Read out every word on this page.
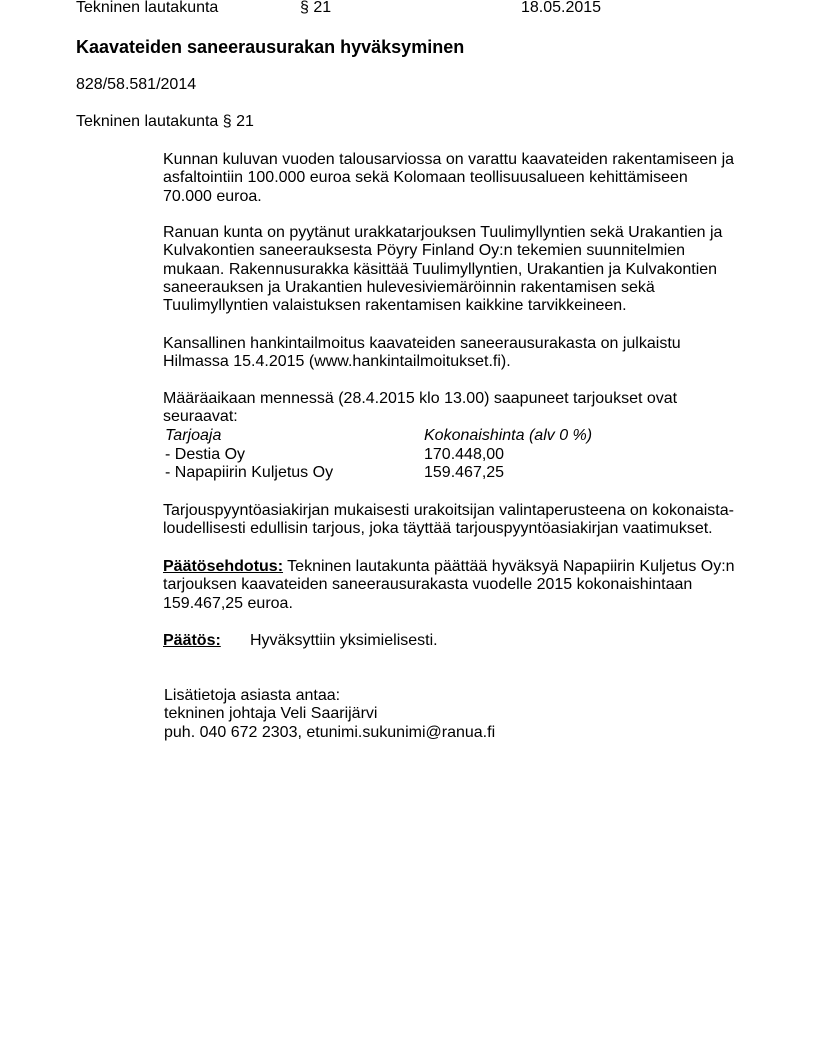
Tekninen lautakunta	§ 21	18.05.2015
Kaavateiden saneerausurakan hyväksyminen
828/58.581/2014
Tekninen lautakunta § 21
Kunnan kuluvan vuoden talousarviossa on varattu kaavateiden rakentamiseen ja
asfaltointiin 100.000 euroa sekä Kolomaan teollisuusalueen kehittämiseen
70.000 euroa.
Ranuan kunta on pyytänut urakkatarjouksen Tuulimyllyntien sekä Urakantien ja
Kulvakontien saneerauksesta Pöyry Finland Oy:n tekemien suunnitelmien
mukaan. Rakennusurakka käsittää Tuulimyllyntien, Urakantien ja Kulvakontien
saneerauksen ja Urakantien hulevesiviemäröinnin rakentamisen sekä
Tuulimyllyntien valaistuksen rakentamisen kaikkine tarvikkeineen.
Kansallinen hankintailmoitus kaavateiden saneerausurakasta on julkaistu
Hilmassa 15.4.2015 (www.hankintailmoitukset.fi).
Määräaikaan mennessä (28.4.2015 klo 13.00) saapuneet tarjoukset ovat
seuraavat:
Tarjoaja	Kokonaishinta (alv 0 %)
- Destia Oy	170.448,00
- Napapiirin Kuljetus Oy	159.467,25
Tarjouspyyntöasiakirjan mukaisesti urakoitsijan valintaperusteena on kokonaista-
loudellisesti edullisin tarjous, joka täyttää tarjouspyyntöasiakirjan vaatimukset.
Päätösehdotus: Tekninen lautakunta päättää hyväksyä Napapiirin Kuljetus Oy:n
tarjouksen kaavateiden saneerausurakasta vuodelle 2015 kokonaishintaan
159.467,25 euroa.
Päätös: Hyväksyttiin yksimielisesti.
Lisätietoja asiasta antaa:
tekninen johtaja Veli Saarijärvi
puh. 040 672 2303, etunimi.sukunimi@ranua.fi
